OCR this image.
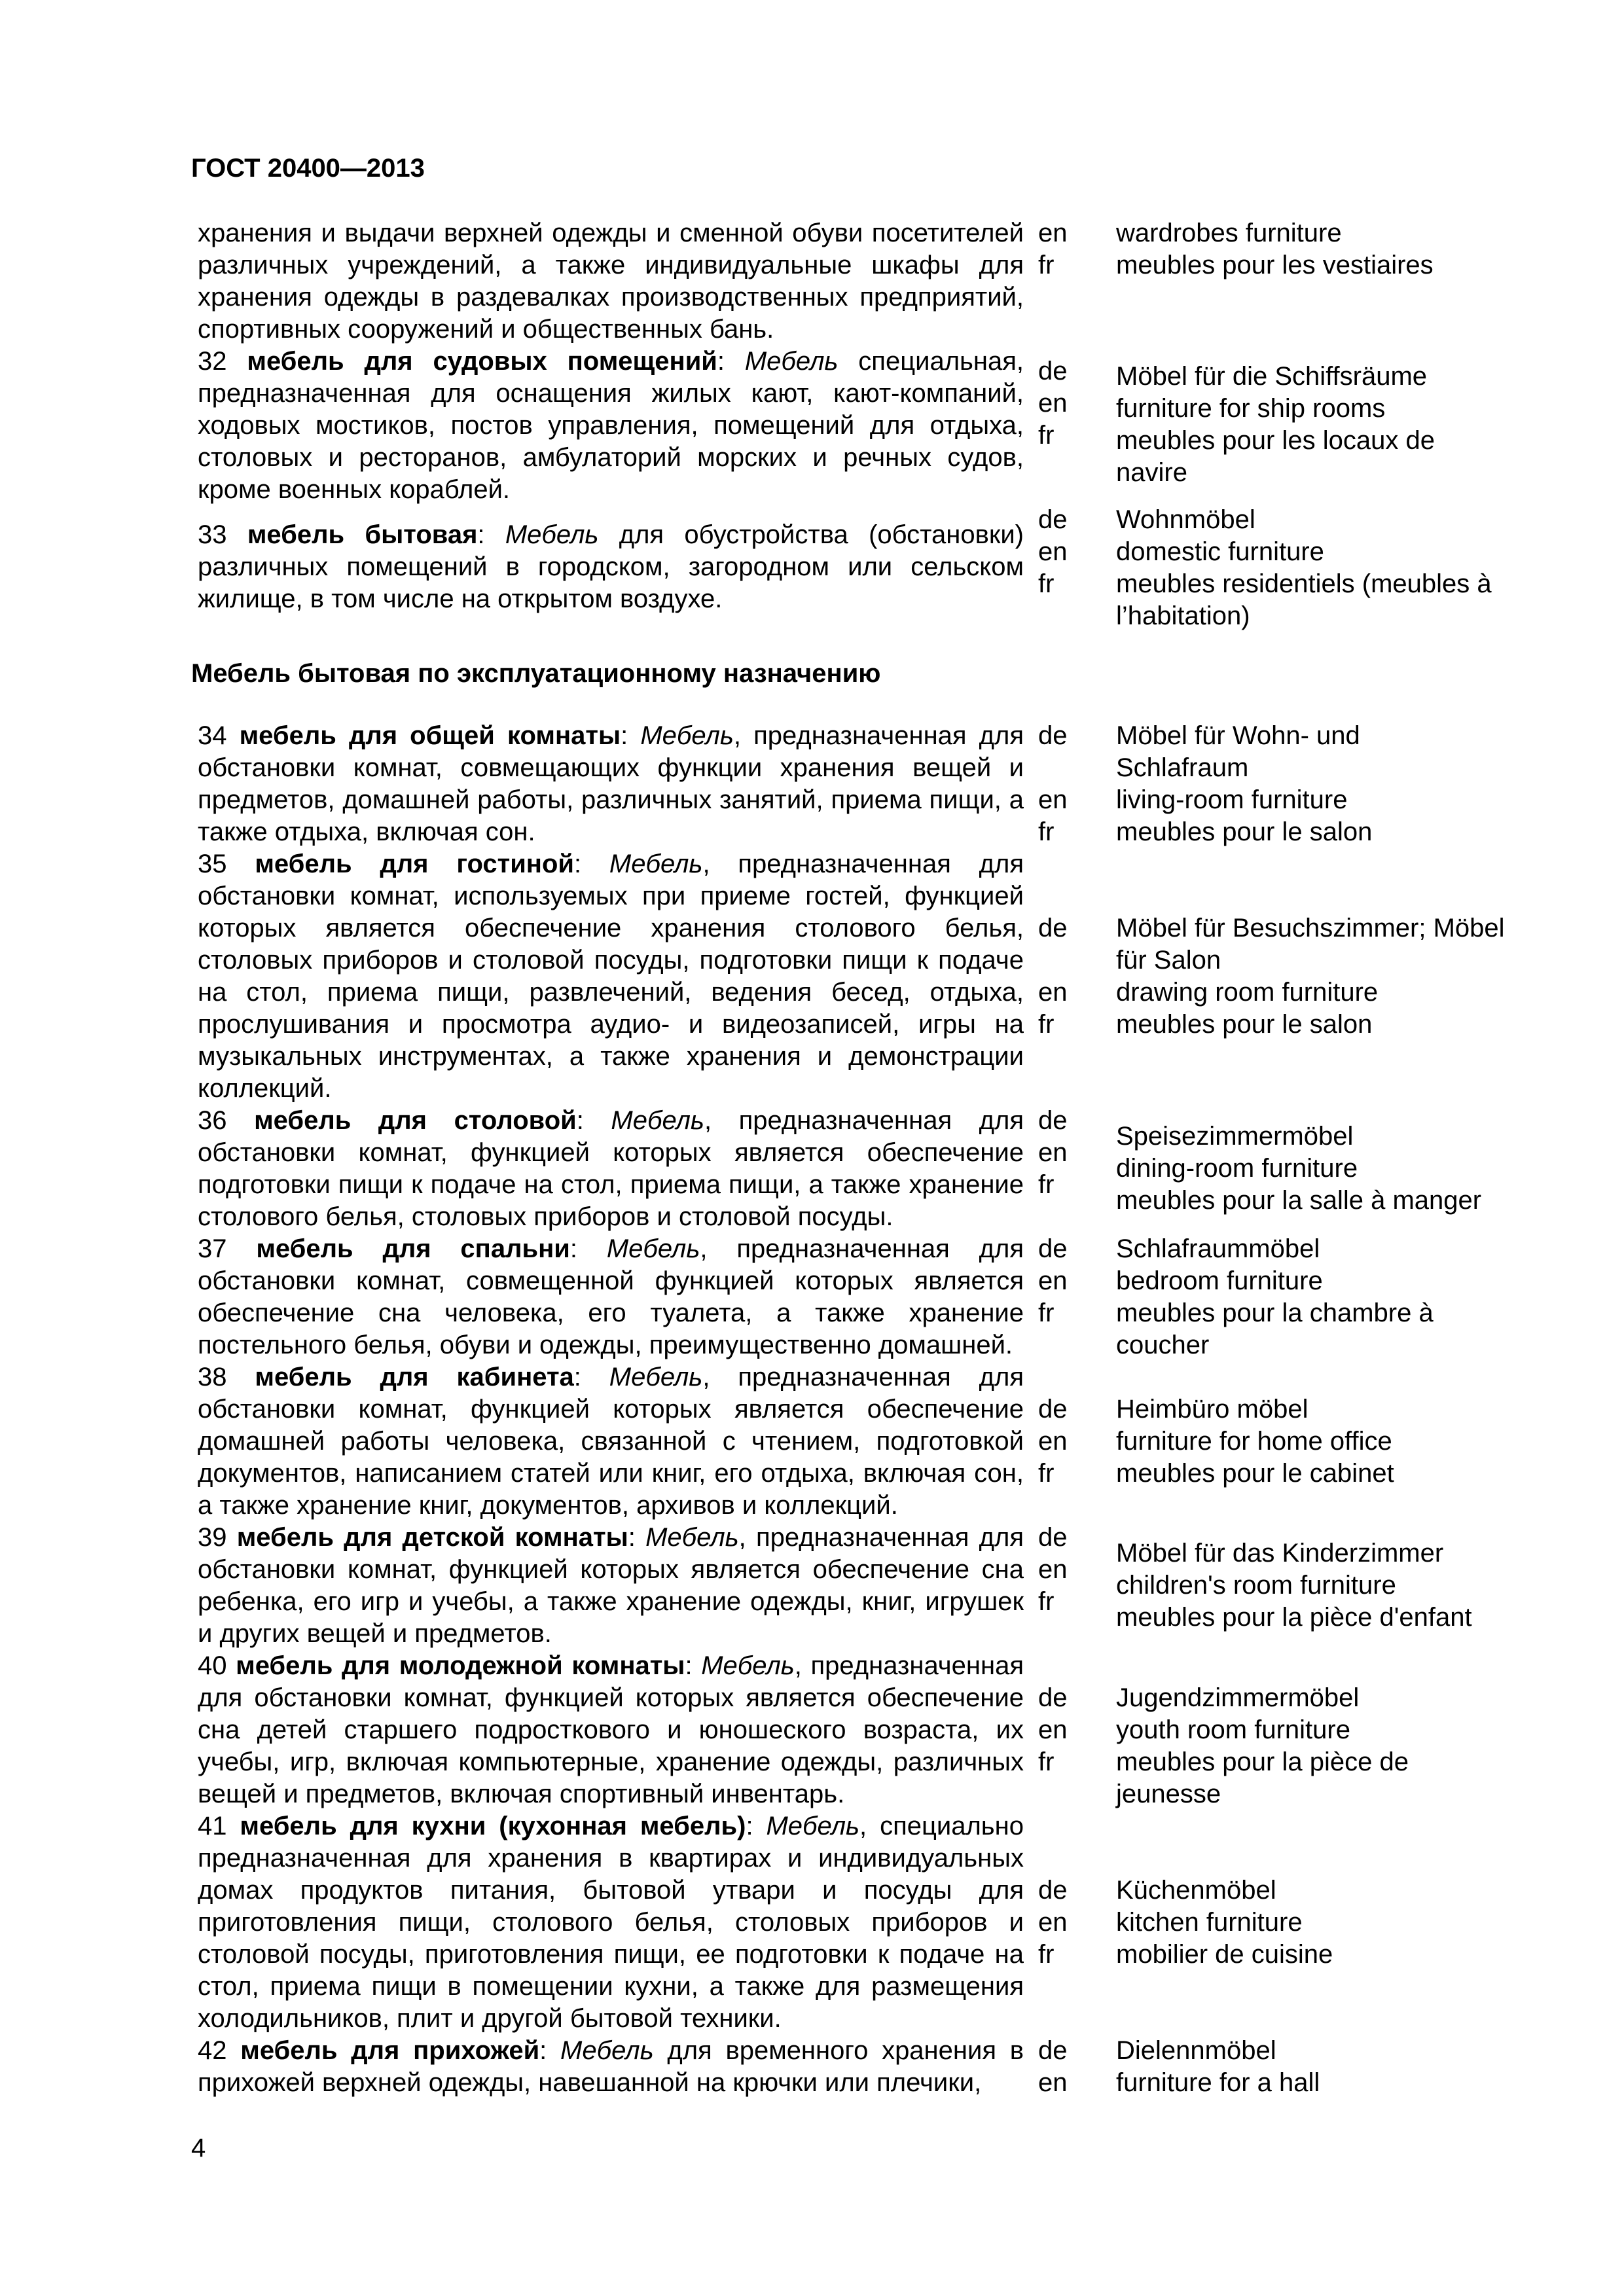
ГОСТ 20400—2013
хранения и выдачи верхней одежды и сменной обуви посетителей различных учреждений, а также индивидуальные шкафы для хранения одежды в раздевалках производственных предприятий, спортивных сооружений и общественных бань.
en
fr
wardrobes furniture
meubles pour les vestiaires
32 мебель для судовых помещений: Мебель специальная, предназначенная для оснащения жилых кают, кают-компаний, ходовых мостиков, постов управления, помещений для отдыха, столовых и ресторанов, амбулаторий морских и речных судов, кроме военных кораблей.
de
en
fr
Möbel für die Schiffsräume
furniture for ship rooms
meubles pour les locaux de navire
33 мебель бытовая: Мебель для обустройства (обстановки) различных помещений в городском, загородном или сельском жилище, в том числе на открытом воздухе.
de
en
fr
Wohnmöbel
domestic furniture
meubles residentiels (meubles à l’habitation)
Мебель бытовая по эксплуатационному назначению
34 мебель для общей комнаты: Мебель, предназначенная для обстановки комнат, совмещающих функции хранения вещей и предметов, домашней работы, различных занятий, приема пищи, а также отдыха, включая сон.
de
en
fr
Möbel für Wohn- und Schlafraum
living-room furniture
meubles pour le salon
35 мебель для гостиной: Мебель, предназначенная для обстановки комнат, используемых при приеме гостей, функцией которых является обеспечение хранения столового белья, столовых приборов и столовой посуды, подготовки пищи к подаче на стол, приема пищи, развлечений, ведения бесед, отдыха, прослушивания и просмотра аудио- и видеозаписей, игры на музыкальных инструментах, а также хранения и демонстрации коллекций.
de
en
fr
Möbel für Besuchszimmer; Möbel für Salon
drawing room furniture
meubles pour le salon
36 мебель для столовой: Мебель, предназначенная для обстановки комнат, функцией которых является обеспечение подготовки пищи к подаче на стол, приема пищи, а также хранение столового белья, столовых приборов и столовой посуды.
de
en
fr
Speisezimmermöbel
dining-room furniture
meubles pour la salle à manger
37 мебель для спальни: Мебель, предназначенная для обстановки комнат, совмещенной функцией которых является обеспечение сна человека, его туалета, а также хранение постельного белья, обуви и одежды, преимущественно домашней.
de
en
fr
Schlafraummöbel
bedroom furniture
meubles pour la chambre à coucher
38 мебель для кабинета: Мебель, предназначенная для обстановки комнат, функцией которых является обеспечение домашней работы человека, связанной с чтением, подготовкой документов, написанием статей или книг, его отдыха, включая сон, а также хранение книг, документов, архивов и коллекций.
de
en
fr
Heimbüro möbel
furniture for home office
meubles pour le cabinet
39 мебель для детской комнаты: Мебель, предназначенная для обстановки комнат, функцией которых является обеспечение сна ребенка, его игр и учебы, а также хранение одежды, книг, игрушек и других вещей и предметов.
de
en
fr
Möbel für das Kinderzimmer
children's room furniture
meubles pour la pièce d'enfant
40 мебель для молодежной комнаты: Мебель, предназначенная для обстановки комнат, функцией которых является обеспечение сна детей старшего подросткового и юношеского возраста, их учебы, игр, включая компьютерные, хранение одежды, различных вещей и предметов, включая спортивный инвентарь.
de
en
fr
Jugendzimmermöbel
youth room furniture
meubles pour la pièce de jeunesse
41 мебель для кухни (кухонная мебель): Мебель, специально предназначенная для хранения в квартирах и индивидуальных домах продуктов питания, бытовой утвари и посуды для приготовления пищи, столового белья, столовых приборов и столовой посуды, приготовления пищи, ее подготовки к подаче на стол, приема пищи в помещении кухни, а также для размещения холодильников, плит и другой бытовой техники.
de
en
fr
Küchenmöbel
kitchen furniture
mobilier de cuisine
42 мебель для прихожей: Мебель для временного хранения в прихожей верхней одежды, навешанной на крючки или плечики,
de
en
Dielennmöbel
furniture for a hall
4
